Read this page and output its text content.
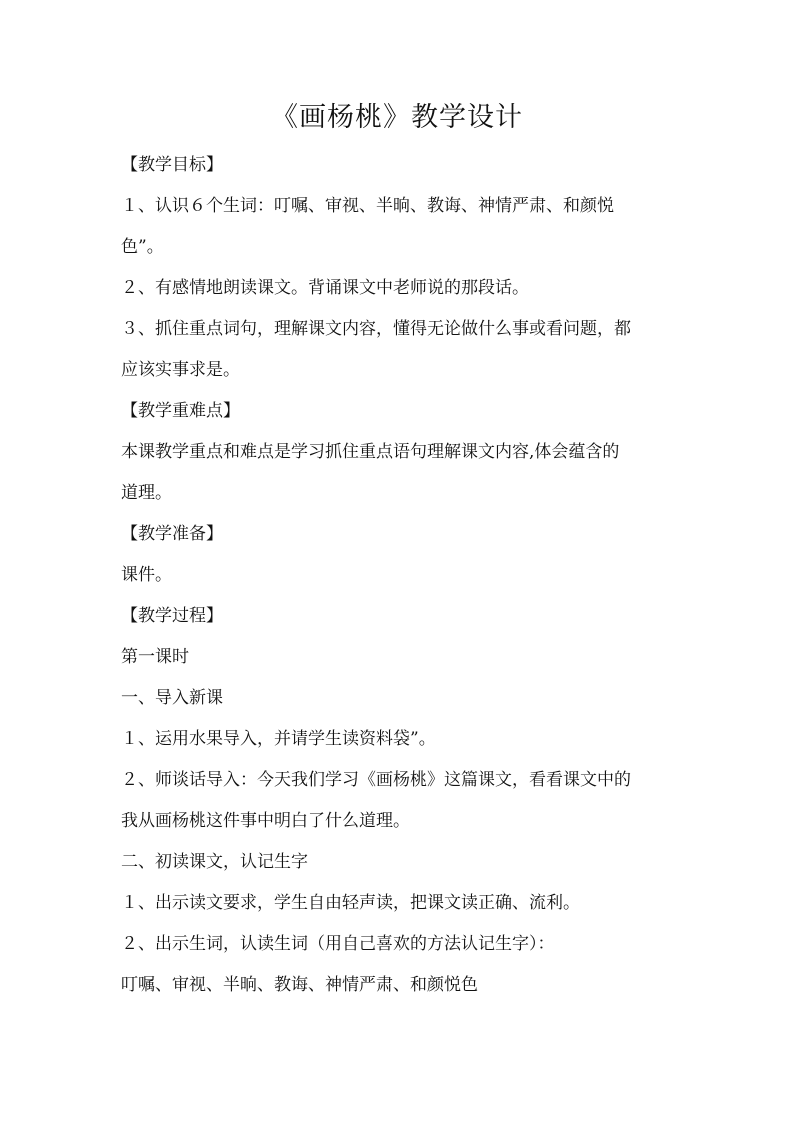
《画杨桃》教学设计
【教学目标】
１、认识６个生词：叮嘱、审视、半晌、教诲、神情严肃、和颜悦
色”。
２、有感情地朗读课文。背诵课文中老师说的那段话。
３、抓住重点词句，理解课文内容，懂得无论做什么事或看问题，都
应该实事求是。
【教学重难点】
本课教学重点和难点是学习抓住重点语句理解课文内容,体会蕴含的
道理。
【教学准备】
课件。
【教学过程】
第一课时
一、导入新课
１、运用水果导入，并请学生读资料袋”。
２、师谈话导入：今天我们学习《画杨桃》这篇课文，看看课文中的
我从画杨桃这件事中明白了什么道理。
二、初读课文，认记生字
１、出示读文要求，学生自由轻声读，把课文读正确、流利。
２、出示生词，认读生词（用自己喜欢的方法认记生字）：
叮嘱、审视、半晌、教诲、神情严肃、和颜悦色
